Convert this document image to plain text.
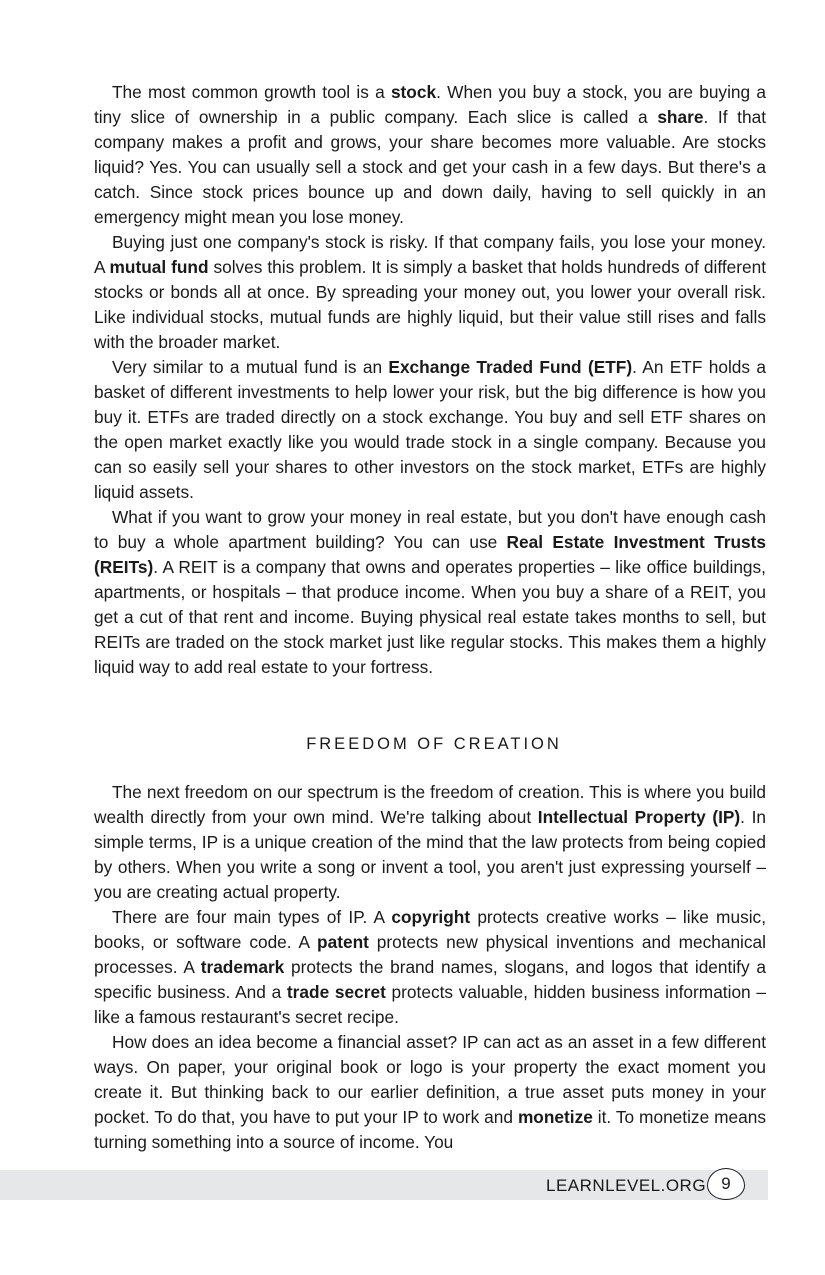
The most common growth tool is a stock. When you buy a stock, you are buying a tiny slice of ownership in a public company. Each slice is called a share. If that company makes a profit and grows, your share becomes more valuable. Are stocks liquid? Yes. You can usually sell a stock and get your cash in a few days. But there's a catch. Since stock prices bounce up and down daily, having to sell quickly in an emergency might mean you lose money.

Buying just one company's stock is risky. If that company fails, you lose your money. A mutual fund solves this problem. It is simply a basket that holds hundreds of different stocks or bonds all at once. By spreading your money out, you lower your overall risk. Like individual stocks, mutual funds are highly liquid, but their value still rises and falls with the broader market.

Very similar to a mutual fund is an Exchange Traded Fund (ETF). An ETF holds a basket of different investments to help lower your risk, but the big difference is how you buy it. ETFs are traded directly on a stock exchange. You buy and sell ETF shares on the open market exactly like you would trade stock in a single company. Because you can so easily sell your shares to other investors on the stock market, ETFs are highly liquid assets.

What if you want to grow your money in real estate, but you don't have enough cash to buy a whole apartment building? You can use Real Estate Investment Trusts (REITs). A REIT is a company that owns and operates properties – like office buildings, apartments, or hospitals – that produce income. When you buy a share of a REIT, you get a cut of that rent and income. Buying physical real estate takes months to sell, but REITs are traded on the stock market just like regular stocks. This makes them a highly liquid way to add real estate to your fortress.

FREEDOM OF CREATION

The next freedom on our spectrum is the freedom of creation. This is where you build wealth directly from your own mind. We're talking about Intellectual Property (IP). In simple terms, IP is a unique creation of the mind that the law protects from being copied by others. When you write a song or invent a tool, you aren't just expressing yourself – you are creating actual property.

There are four main types of IP. A copyright protects creative works – like music, books, or software code. A patent protects new physical inventions and mechanical processes. A trademark protects the brand names, slogans, and logos that identify a specific business. And a trade secret protects valuable, hidden business information – like a famous restaurant's secret recipe.

How does an idea become a financial asset? IP can act as an asset in a few different ways. On paper, your original book or logo is your property the exact moment you create it. But thinking back to our earlier definition, a true asset puts money in your pocket. To do that, you have to put your IP to work and monetize it. To monetize means turning something into a source of income. You

LEARNLEVEL.ORG 9
